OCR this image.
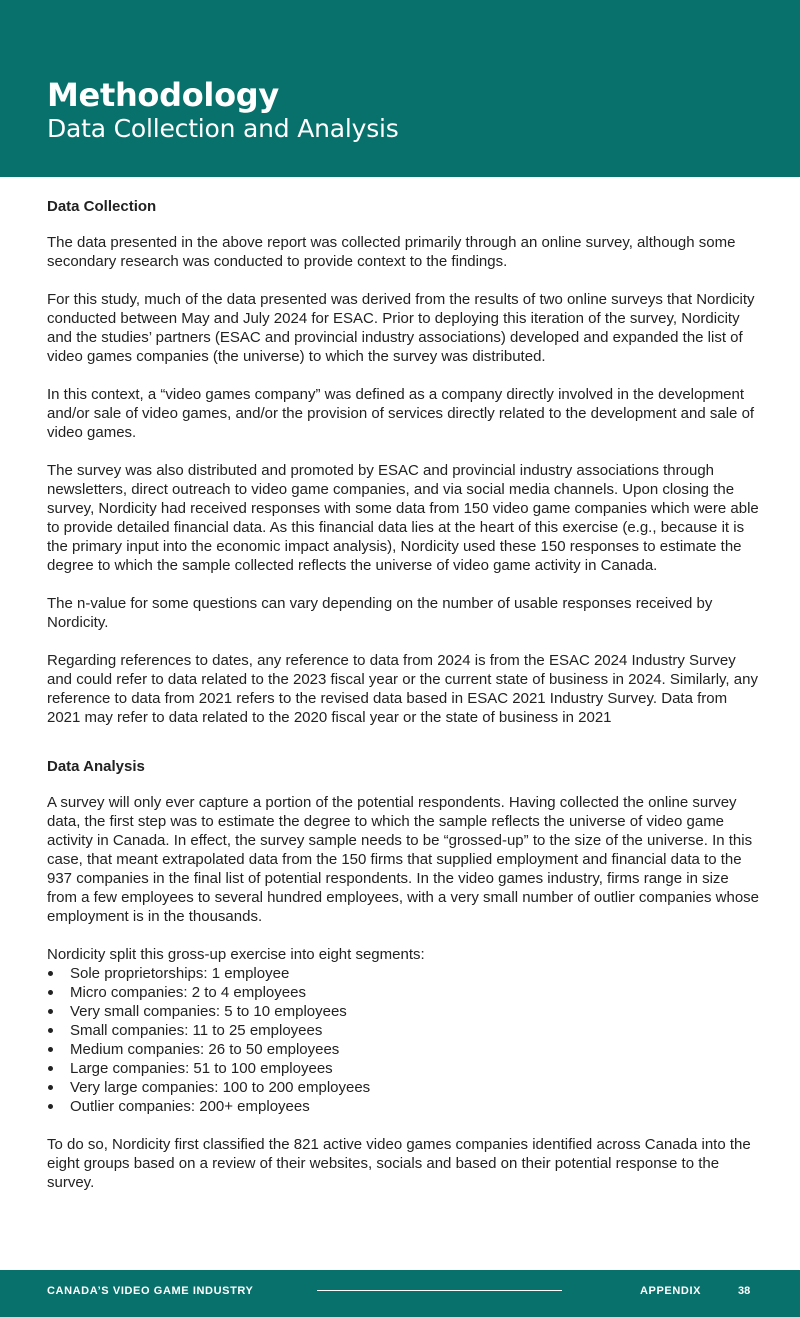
Methodology
Data Collection and Analysis

Data Collection

The data presented in the above report was collected primarily through an online survey, although some secondary research was conducted to provide context to the findings.

For this study, much of the data presented was derived from the results of two online surveys that Nordicity conducted between May and July 2024 for ESAC. Prior to deploying this iteration of the survey, Nordicity and the studies’ partners (ESAC and provincial industry associations) developed and expanded the list of video games companies (the universe) to which the survey was distributed.

In this context, a “video games company” was defined as a company directly involved in the development and/or sale of video games, and/or the provision of services directly related to the development and sale of video games.

The survey was also distributed and promoted by ESAC and provincial industry associations through newsletters, direct outreach to video game companies, and via social media channels. Upon closing the survey, Nordicity had received responses with some data from 150 video game companies which were able to provide detailed financial data. As this financial data lies at the heart of this exercise (e.g., because it is the primary input into the economic impact analysis), Nordicity used these 150 responses to estimate the degree to which the sample collected reflects the universe of video game activity in Canada.

The n-value for some questions can vary depending on the number of usable responses received by Nordicity.

Regarding references to dates, any reference to data from 2024 is from the ESAC 2024 Industry Survey and could refer to data related to the 2023 fiscal year or the current state of business in 2024. Similarly, any reference to data from 2021 refers to the revised data based in ESAC 2021 Industry Survey. Data from 2021 may refer to data related to the 2020 fiscal year or the state of business in 2021

Data Analysis

A survey will only ever capture a portion of the potential respondents. Having collected the online survey data, the first step was to estimate the degree to which the sample reflects the universe of video game activity in Canada. In effect, the survey sample needs to be “grossed-up” to the size of the universe. In this case, that meant extrapolated data from the 150 firms that supplied employment and financial data to the 937 companies in the final list of potential respondents. In the video games industry, firms range in size from a few employees to several hundred employees, with a very small number of outlier companies whose employment is in the thousands.

Nordicity split this gross-up exercise into eight segments:

Sole proprietorships: 1 employee
Micro companies: 2 to 4 employees
Very small companies: 5 to 10 employees
Small companies: 11 to 25 employees
Medium companies: 26 to 50 employees
Large companies: 51 to 100 employees
Very large companies: 100 to 200 employees
Outlier companies: 200+ employees

To do so, Nordicity first classified the 821 active video games companies identified across Canada into the eight groups based on a review of their websites, socials and based on their potential response to the survey.

CANADA’S VIDEO GAME INDUSTRY	APPENDIX	38
